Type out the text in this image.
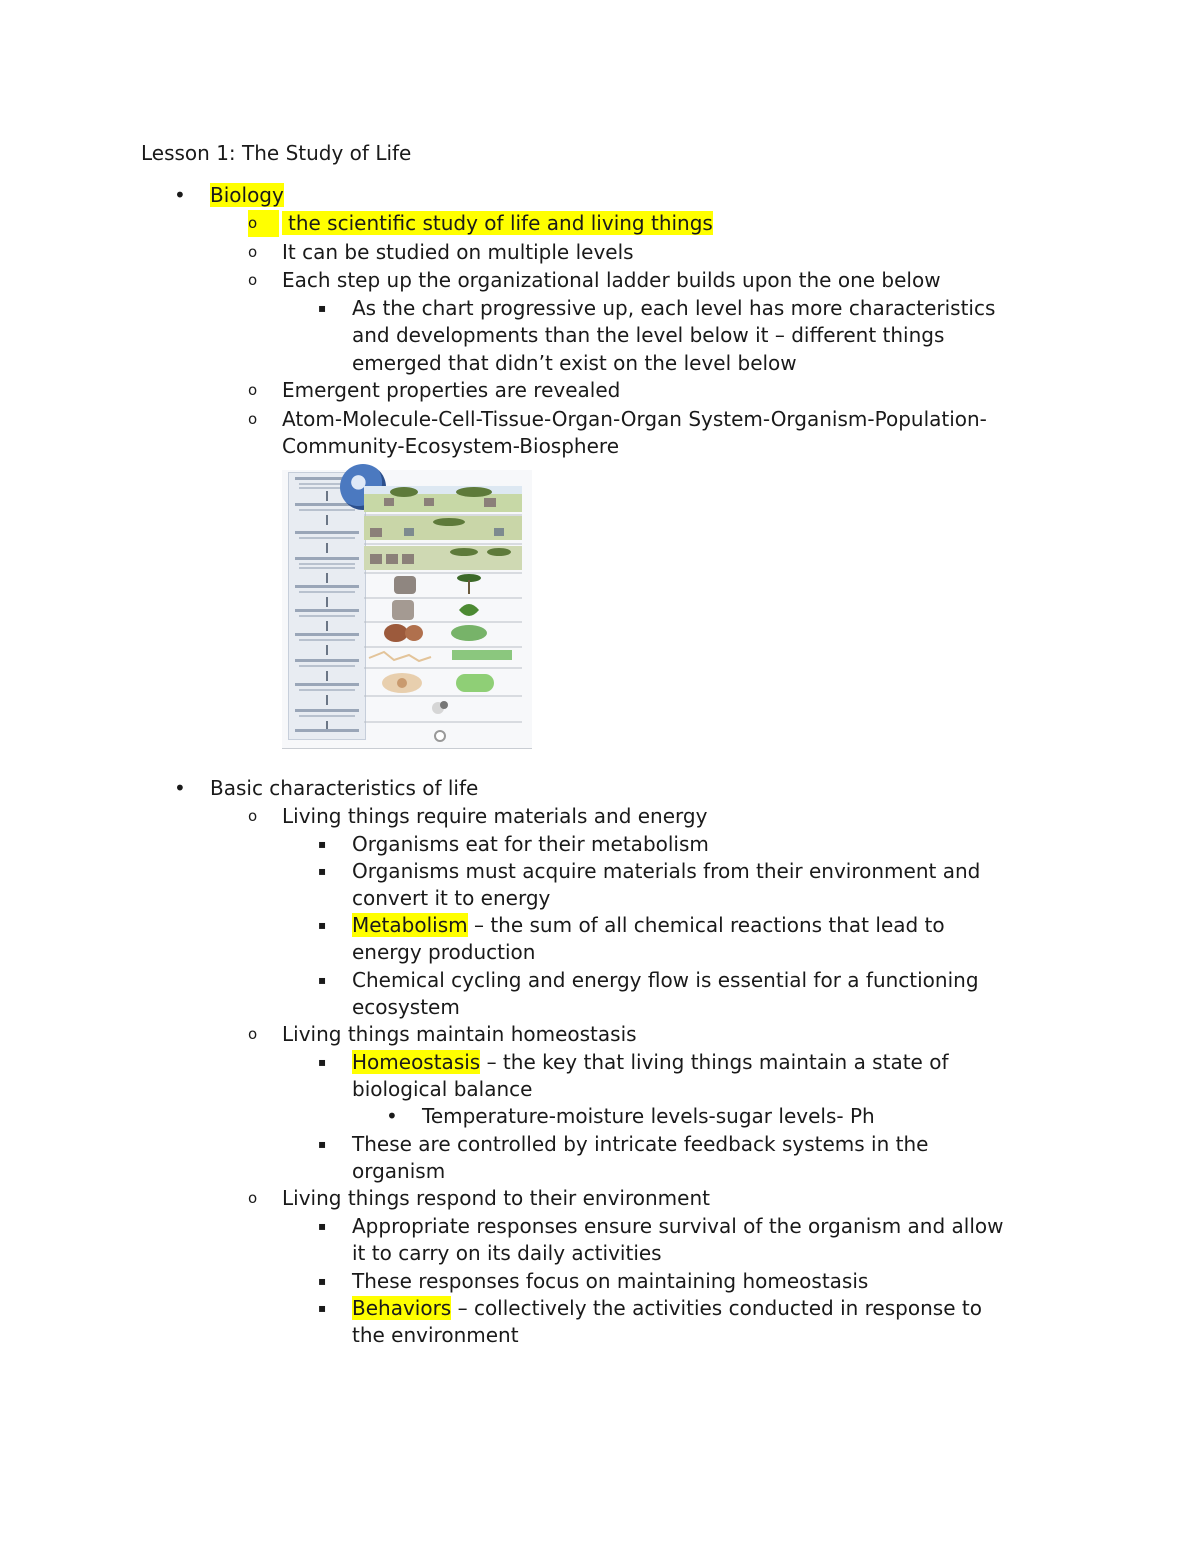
Lesson 1: The Study of Life
• Biology
o	the scientific study of life and living things
o It can be studied on multiple levels
o Each step up the organizational ladder builds upon the one below
▪ As the chart progressive up, each level has more characteristics
and developments than the level below it – different things
emerged that didn’t exist on the level below
o Emergent properties are revealed
o Atom-Molecule-Cell-Tissue-Organ-Organ System-Organism-Population-
Community-Ecosystem-Biosphere
• Basic characteristics of life
o Living things require materials and energy
▪ Organisms eat for their metabolism
▪ Organisms must acquire materials from their environment and
convert it to energy
▪ Metabolism – the sum of all chemical reactions that lead to
energy production
▪ Chemical cycling and energy flow is essential for a functioning
ecosystem
o Living things maintain homeostasis
▪ Homeostasis – the key that living things maintain a state of
biological balance
• Temperature-moisture levels-sugar levels- Ph
▪ These are controlled by intricate feedback systems in the
organism
o Living things respond to their environment
▪ Appropriate responses ensure survival of the organism and allow
it to carry on its daily activities
▪ These responses focus on maintaining homeostasis
▪ Behaviors – collectively the activities conducted in response to
the environment
